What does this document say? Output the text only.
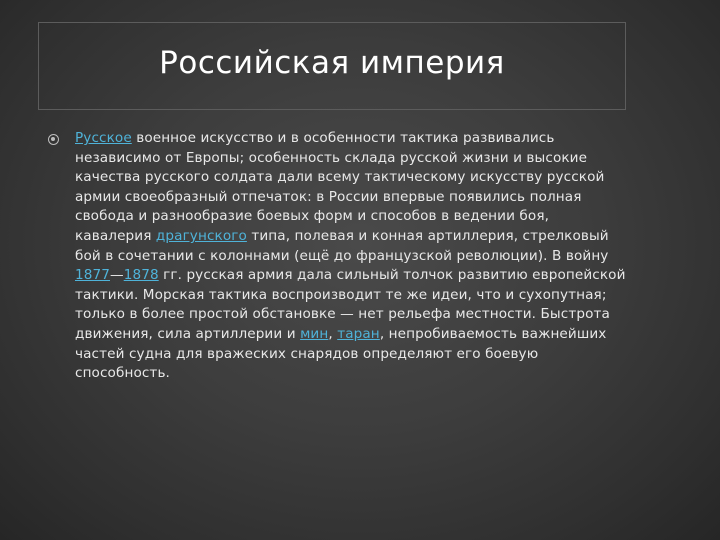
Российская империя
Русское военное искусство и в особенности тактика развивались независимо от Европы; особенность склада русской жизни и высокие качества русского солдата дали всему тактическому искусству русской армии своеобразный отпечаток: в России впервые появились полная свобода и разнообразие боевых форм и способов в ведении боя, кавалерия драгунского типа, полевая и конная артиллерия, стрелковый бой в сочетании с колоннами (ещё до французской революции). В войну 1877—1878 гг. русская армия дала сильный толчок развитию европейской тактики. Морская тактика воспроизводит те же идеи, что и сухопутная; только в более простой обстановке — нет рельефа местности. Быстрота движения, сила артиллерии и мин, таран, непробиваемость важнейших частей судна для вражеских снарядов определяют его боевую способность.
